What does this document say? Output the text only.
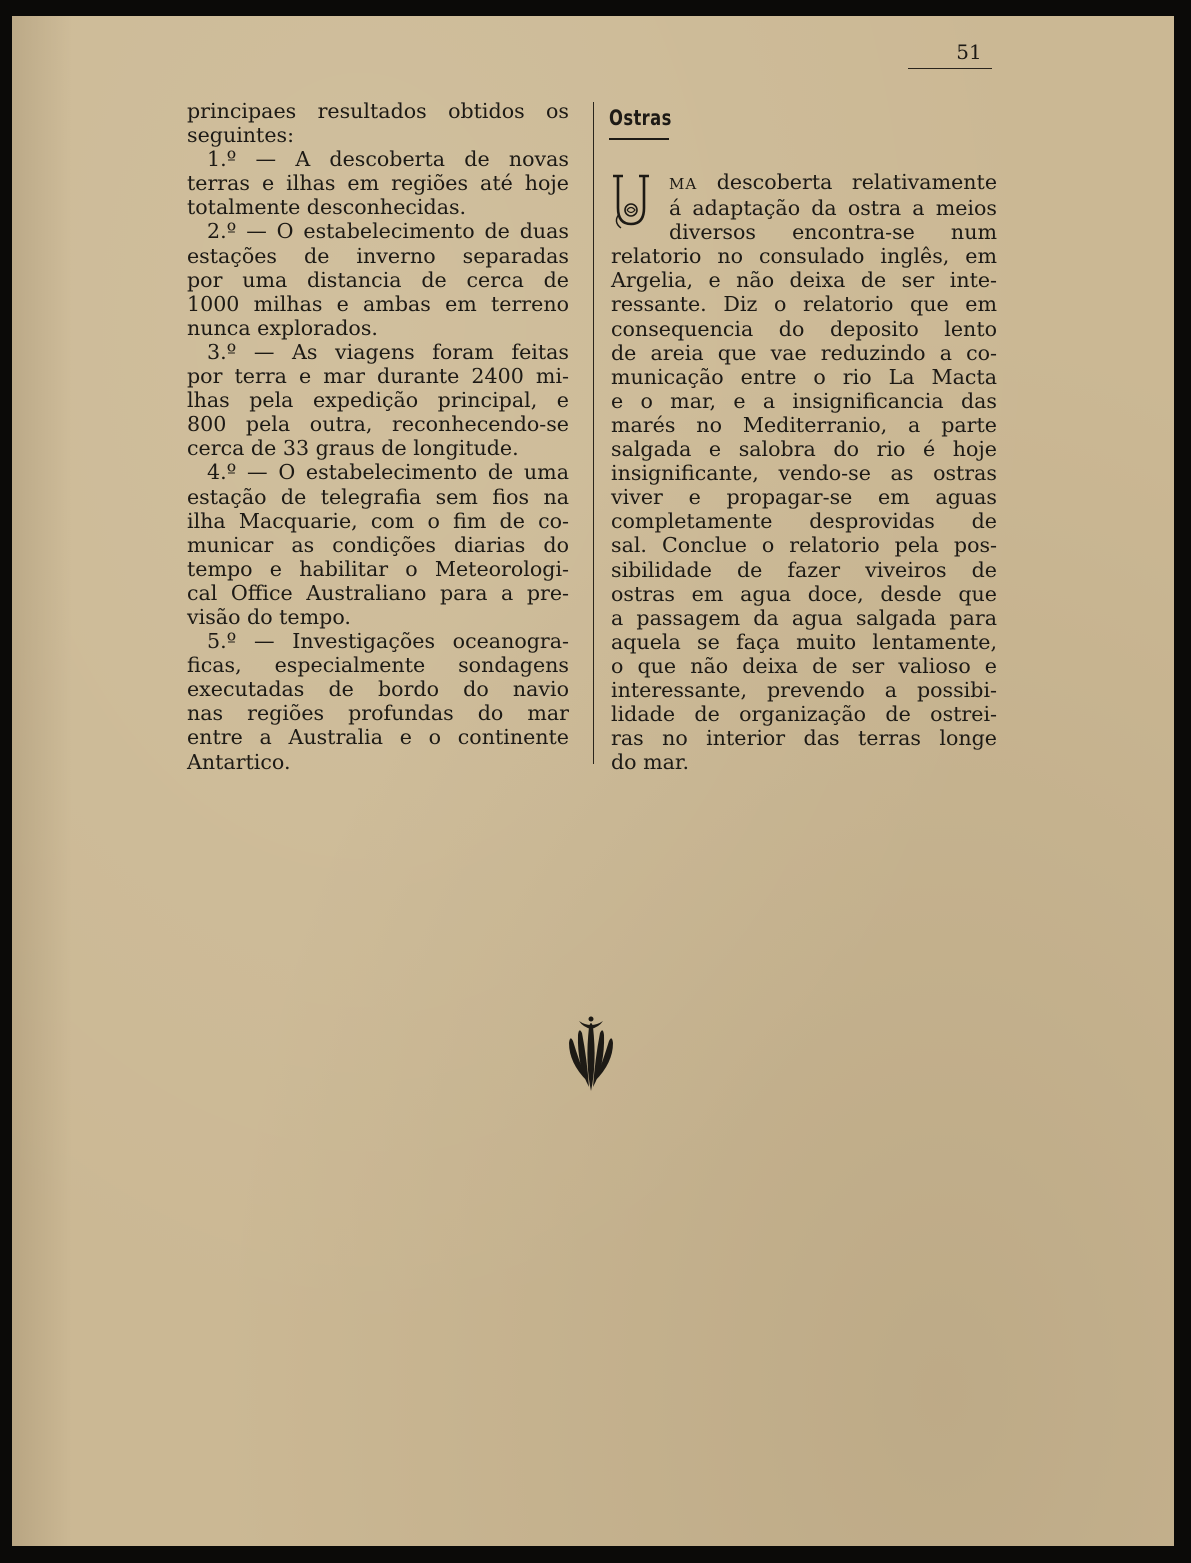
51
principaes resultados obtidos os
seguintes:
1.º — A descoberta de novas
terras e ilhas em regiões até hoje
totalmente desconhecidas.
2.º — O estabelecimento de duas
estações de inverno separadas
por uma distancia de cerca de
1000 milhas e ambas em terreno
nunca explorados.
3.º — As viagens foram feitas
por terra e mar durante 2400 mi-
lhas pela expedição principal, e
800 pela outra, reconhecendo-se
cerca de 33 graus de longitude.
4.º — O estabelecimento de uma
estação de telegrafia sem fios na
ilha Macquarie, com o fim de co-
municar as condições diarias do
tempo e habilitar o Meteorologi-
cal Office Australiano para a pre-
visão do tempo.
5.º — Investigações oceanogra-
ficas, especialmente sondagens
executadas de bordo do navio
nas regiões profundas do mar
entre a Australia e o continente
Antartico.
Ostras
MA descoberta relativamente
á adaptação da ostra a meios
diversos encontra-se num
relatorio no consulado inglês, em
Argelia, e não deixa de ser inte-
ressante. Diz o relatorio que em
consequencia do deposito lento
de areia que vae reduzindo a co-
municação entre o rio La Macta
e o mar, e a insignificancia das
marés no Mediterranio, a parte
salgada e salobra do rio é hoje
insignificante, vendo-se as ostras
viver e propagar-se em aguas
completamente desprovidas de
sal. Conclue o relatorio pela pos-
sibilidade de fazer viveiros de
ostras em agua doce, desde que
a passagem da agua salgada para
aquela se faça muito lentamente,
o que não deixa de ser valioso e
interessante, prevendo a possibi-
lidade de organização de ostrei-
ras no interior das terras longe
do mar.
